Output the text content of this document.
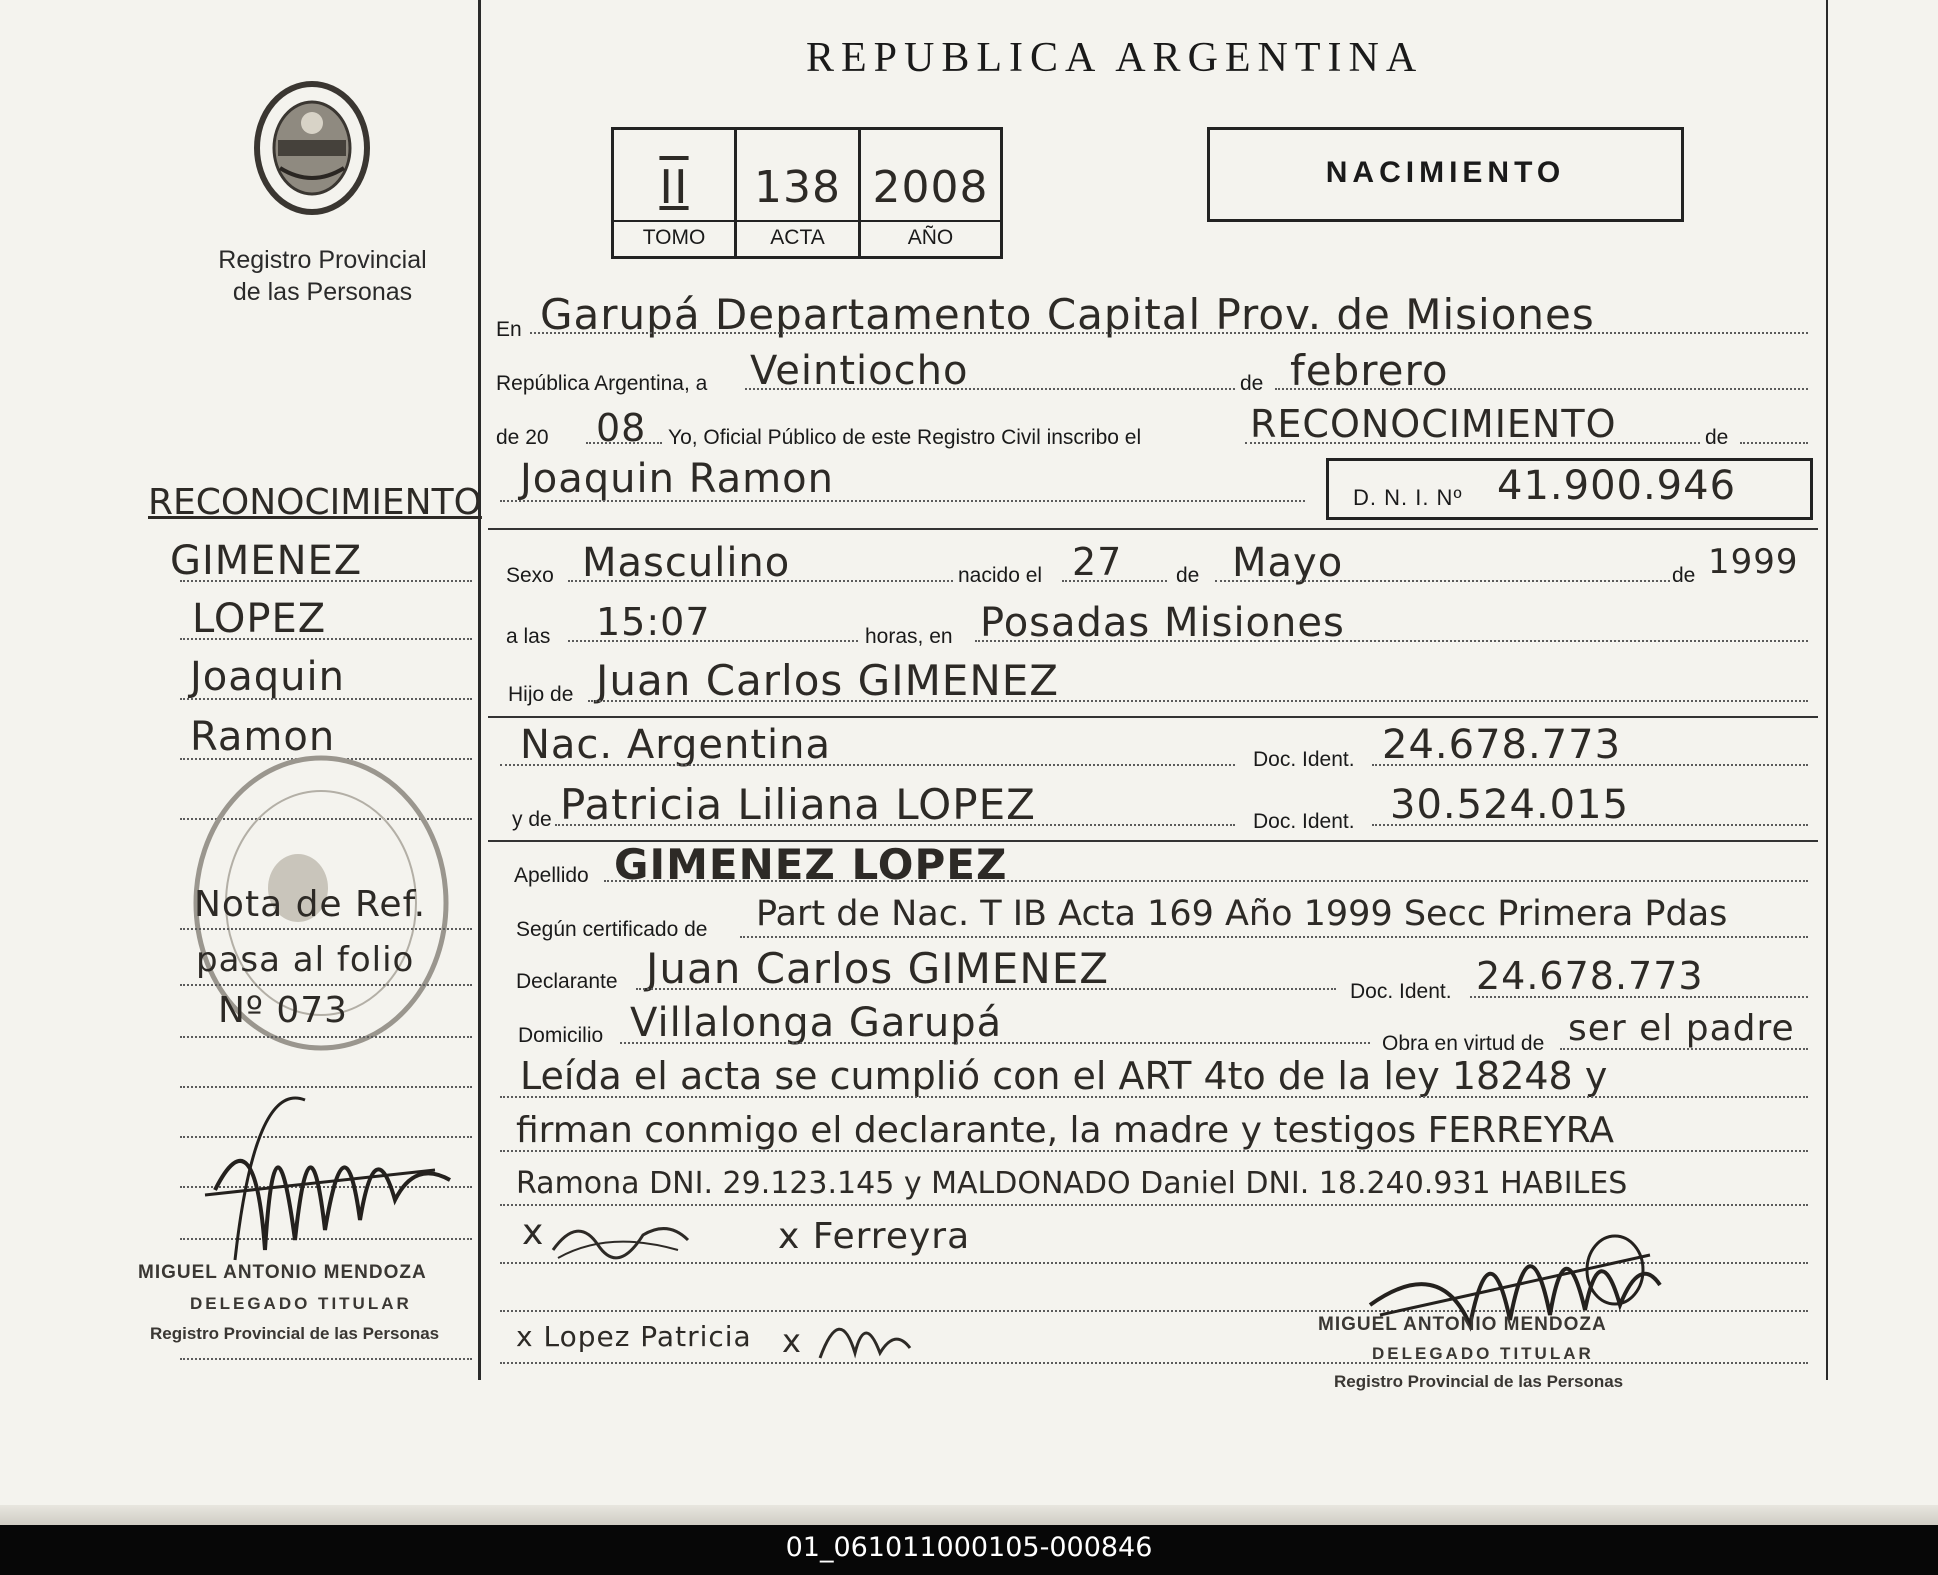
REPUBLICA ARGENTINA
NACIMIENTO
Registro Provincial
de las Personas
II	138 2008
TOMO	ACTA	AÑO
En Garupá Departamento Capital Prov. de Misiones
República Argentina, a Veintiocho	de febrero
de 20 08 Yo, Oficial Público de este Registro Civil inscribo el	RECONOCIMIENTO	de
Joaquin Ramon	D. N. I. Nº 41.900.946
Sexo Masculino	nacido el 27	de Mayo	de 1999
a las 15:07	horas, en Posadas Misiones
Hijo de Juan Carlos GIMENEZ
Nac. Argentina	Doc. Ident. 24.678.773
y de Patricia Liliana LOPEZ	Doc. Ident. 30.524.015
Apellido GIMENEZ LOPEZ
Según certificado de Part de Nac. T IB Acta 169 Año 1999 Secc Primera Pdas
Declarante Juan Carlos GIMENEZ	Doc. Ident. 24.678.773
Domicilio Villalonga Garupá	Obra en virtud de ser el padre
Leída el acta se cumplió con el ART 4to de la ley 18248 y
firman conmigo el declarante, la madre y testigos FERREYRA
Ramona DNI. 29.123.145 y MALDONADO Daniel DNI. 18.240.931 HABILES
x	x Ferreyra
x Lopez Patricia x	MIGUEL ANTONIO MENDOZA
DELEGADO TITULAR
Registro Provincial de las Personas
RECONOCIMIENTO
GIMENEZ
LOPEZ
Joaquin
Ramon
Nota de Ref.
pasa al folio
Nº 073
MIGUEL ANTONIO MENDOZA
DELEGADO TITULAR
Registro Provincial de las Personas
01_061011000105-000846
